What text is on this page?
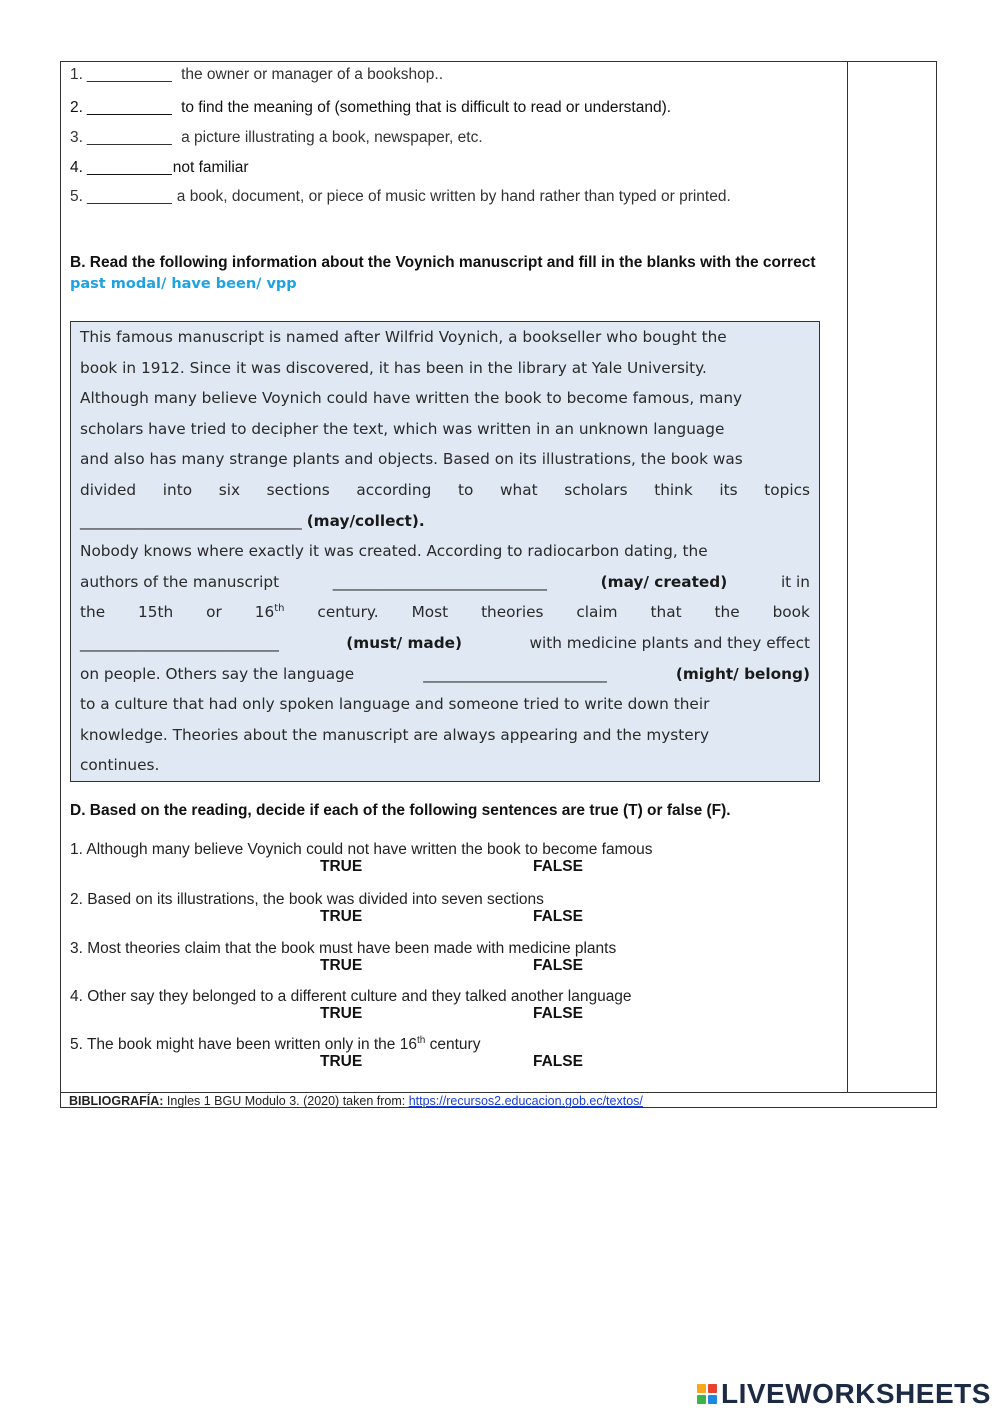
1. ___________ the owner or manager of a bookshop..
2. ___________ to find the meaning of (something that is difficult to read or understand).
3. ___________ a picture illustrating a book, newspaper, etc.
4. ___________ not familiar
5. ___________ a book, document, or piece of music written by hand rather than typed or printed.
B. Read the following information about the Voynich manuscript and fill in the blanks with the correct past modal/ have been/ vpp
This famous manuscript is named after Wilfrid Voynich, a bookseller who bought the
book in 1912. Since it was discovered, it has been in the library at Yale University.
Although many believe Voynich could have written the book to become famous, many
scholars have tried to decipher the text, which was written in an unknown language
and also has many strange plants and objects. Based on its illustrations, the book was
divided into six sections according to what scholars think its topics
_____________________________
(may/collect).
Nobody knows where exactly it was created. According to radiocarbon dating, the
authors of the manuscript	____________________________	(may/ created)	it in
the 15th or 16th century. Most theories claim that the book
__________________________	(must/ made)	with medicine plants and they effect
on people. Others say the language	________________________	(might/ belong)
to a culture that had only spoken language and someone tried to write down their
knowledge. Theories about the manuscript are always appearing and the mystery
continues.
D. Based on the reading, decide if each of the following sentences are true (T) or false (F).
1. Although many believe Voynich could not have written the book to become famous
TRUE	FALSE
2. Based on its illustrations, the book was divided into seven sections
TRUE	FALSE
3. Most theories claim that the book must have been made with medicine plants
TRUE	FALSE
4. Other say they belonged to a different culture and they talked another language
TRUE	FALSE
5. The book might have been written only in the 16th century
TRUE	FALSE
BIBLIOGRAFÍA: Ingles 1 BGU Modulo 3. (2020) taken from: https://recursos2.educacion.gob.ec/textos/
LIVEWORKSHEETS
